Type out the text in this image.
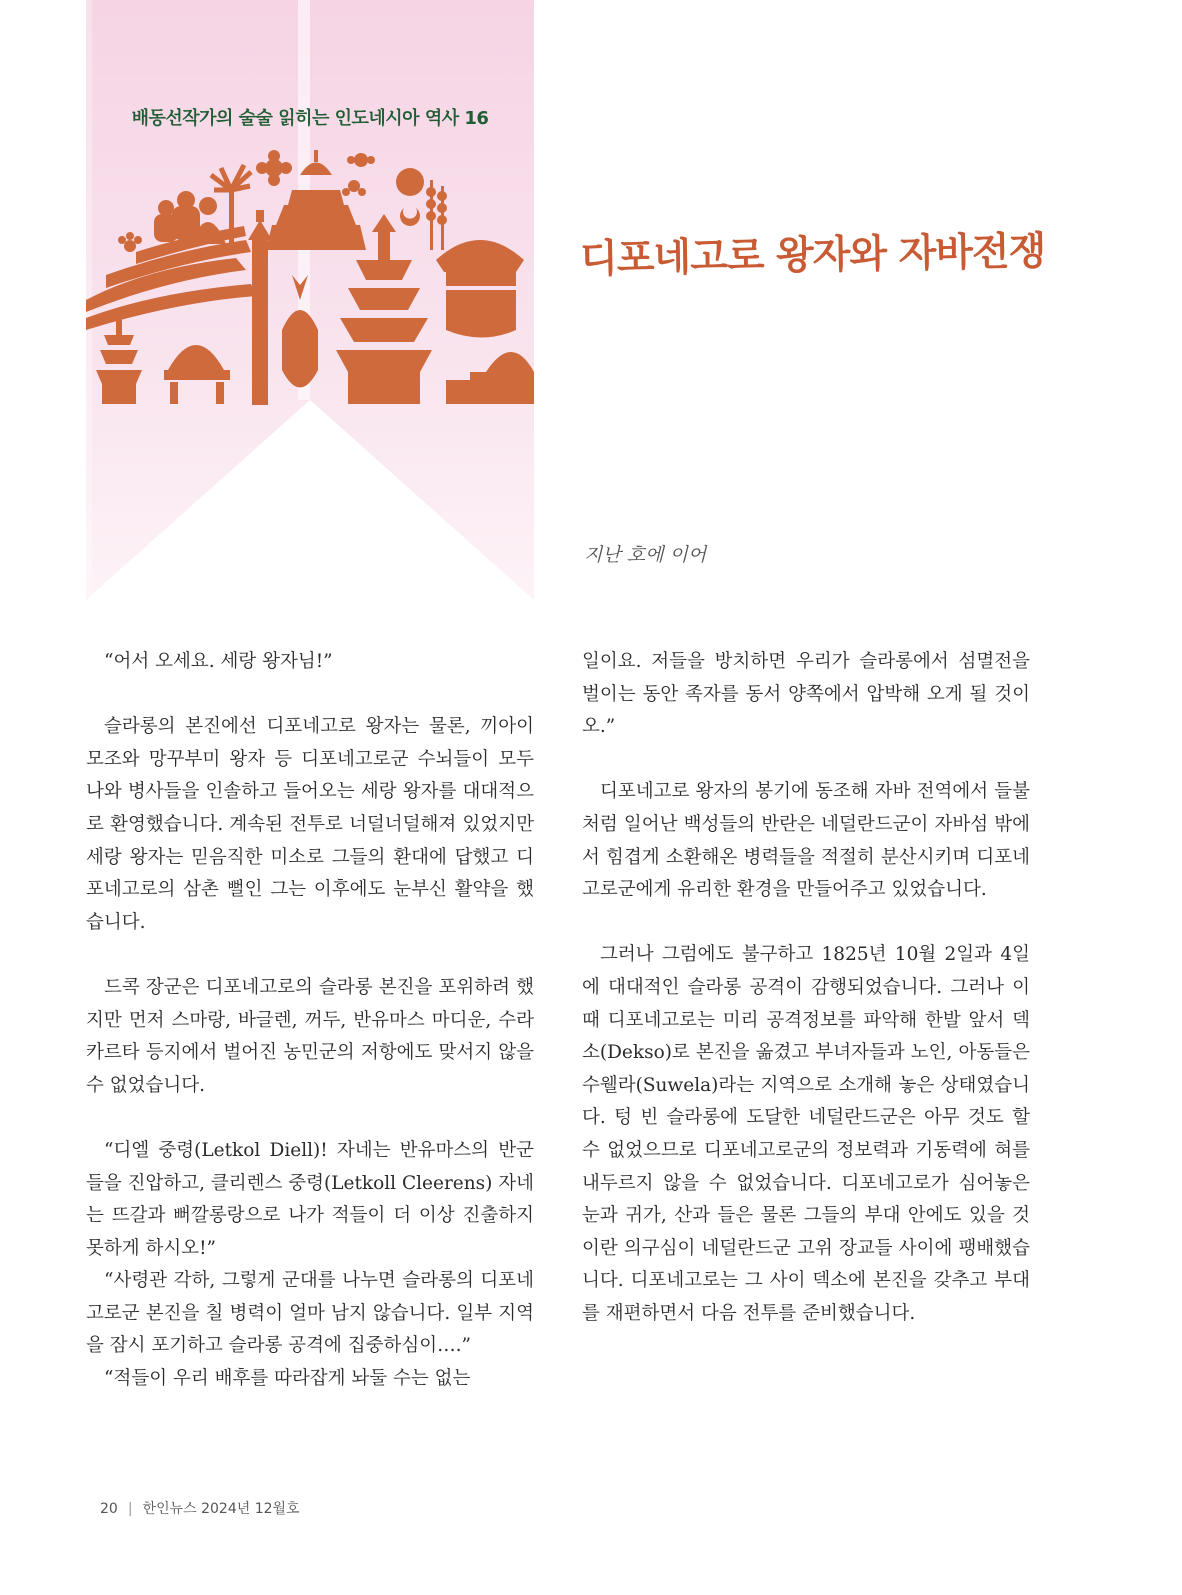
배동선작가의 술술 읽히는 인도네시아 역사 16
디포네고로 왕자와 자바전쟁
지난 호에 이어

“어서 오세요. 세랑 왕자님!”

슬라롱의 본진에선 디포네고로 왕자는 물론, 끼아이 모조와 망꾸부미 왕자 등 디포네고로군 수뇌들이 모두 나와 병사들을 인솔하고 들어오는 세랑 왕자를 대대적으로 환영했습니다. 계속된 전투로 너덜너덜해져 있었지만 세랑 왕자는 믿음직한 미소로 그들의 환대에 답했고 디포네고로의 삼촌 뻘인 그는 이후에도 눈부신 활약을 했습니다.

드콕 장군은 디포네고로의 슬라롱 본진을 포위하려 했지만 먼저 스마랑, 바글렌, 꺼두, 반유마스 마디운, 수라카르타 등지에서 벌어진 농민군의 저항에도 맞서지 않을 수 없었습니다.

“디엘 중령(Letkol Diell)! 자네는 반유마스의 반군들을 진압하고, 클리렌스 중령(Letkoll Cleerens) 자네는 뜨갈과 뻐깔롱랑으로 나가 적들이 더 이상 진출하지 못하게 하시오!”

“사령관 각하, 그렇게 군대를 나누면 슬라롱의 디포네고로군 본진을 칠 병력이 얼마 남지 않습니다. 일부 지역을 잠시 포기하고 슬라롱 공격에 집중하심이….”

“적들이 우리 배후를 따라잡게 놔둘 수는 없는

일이요. 저들을 방치하면 우리가 슬라롱에서 섬멸전을 벌이는 동안 족자를 동서 양쪽에서 압박해 오게 될 것이오.”

디포네고로 왕자의 봉기에 동조해 자바 전역에서 들불처럼 일어난 백성들의 반란은 네덜란드군이 자바섬 밖에서 힘겹게 소환해온 병력들을 적절히 분산시키며 디포네고로군에게 유리한 환경을 만들어주고 있었습니다.

그러나 그럼에도 불구하고 1825년 10월 2일과 4일에 대대적인 슬라롱 공격이 감행되었습니다. 그러나 이때 디포네고로는 미리 공격정보를 파악해 한발 앞서 덱소(Dekso)로 본진을 옮겼고 부녀자들과 노인, 아동들은 수웰라(Suwela)라는 지역으로 소개해 놓은 상태였습니다. 텅 빈 슬라롱에 도달한 네덜란드군은 아무 것도 할 수 없었으므로 디포네고로군의 정보력과 기동력에 혀를 내두르지 않을 수 없었습니다. 디포네고로가 심어놓은 눈과 귀가, 산과 들은 물론 그들의 부대 안에도 있을 것이란 의구심이 네덜란드군 고위 장교들 사이에 팽배했습니다. 디포네고로는 그 사이 덱소에 본진을 갖추고 부대를 재편하면서 다음 전투를 준비했습니다.

20 | 한인뉴스 2024년 12월호
